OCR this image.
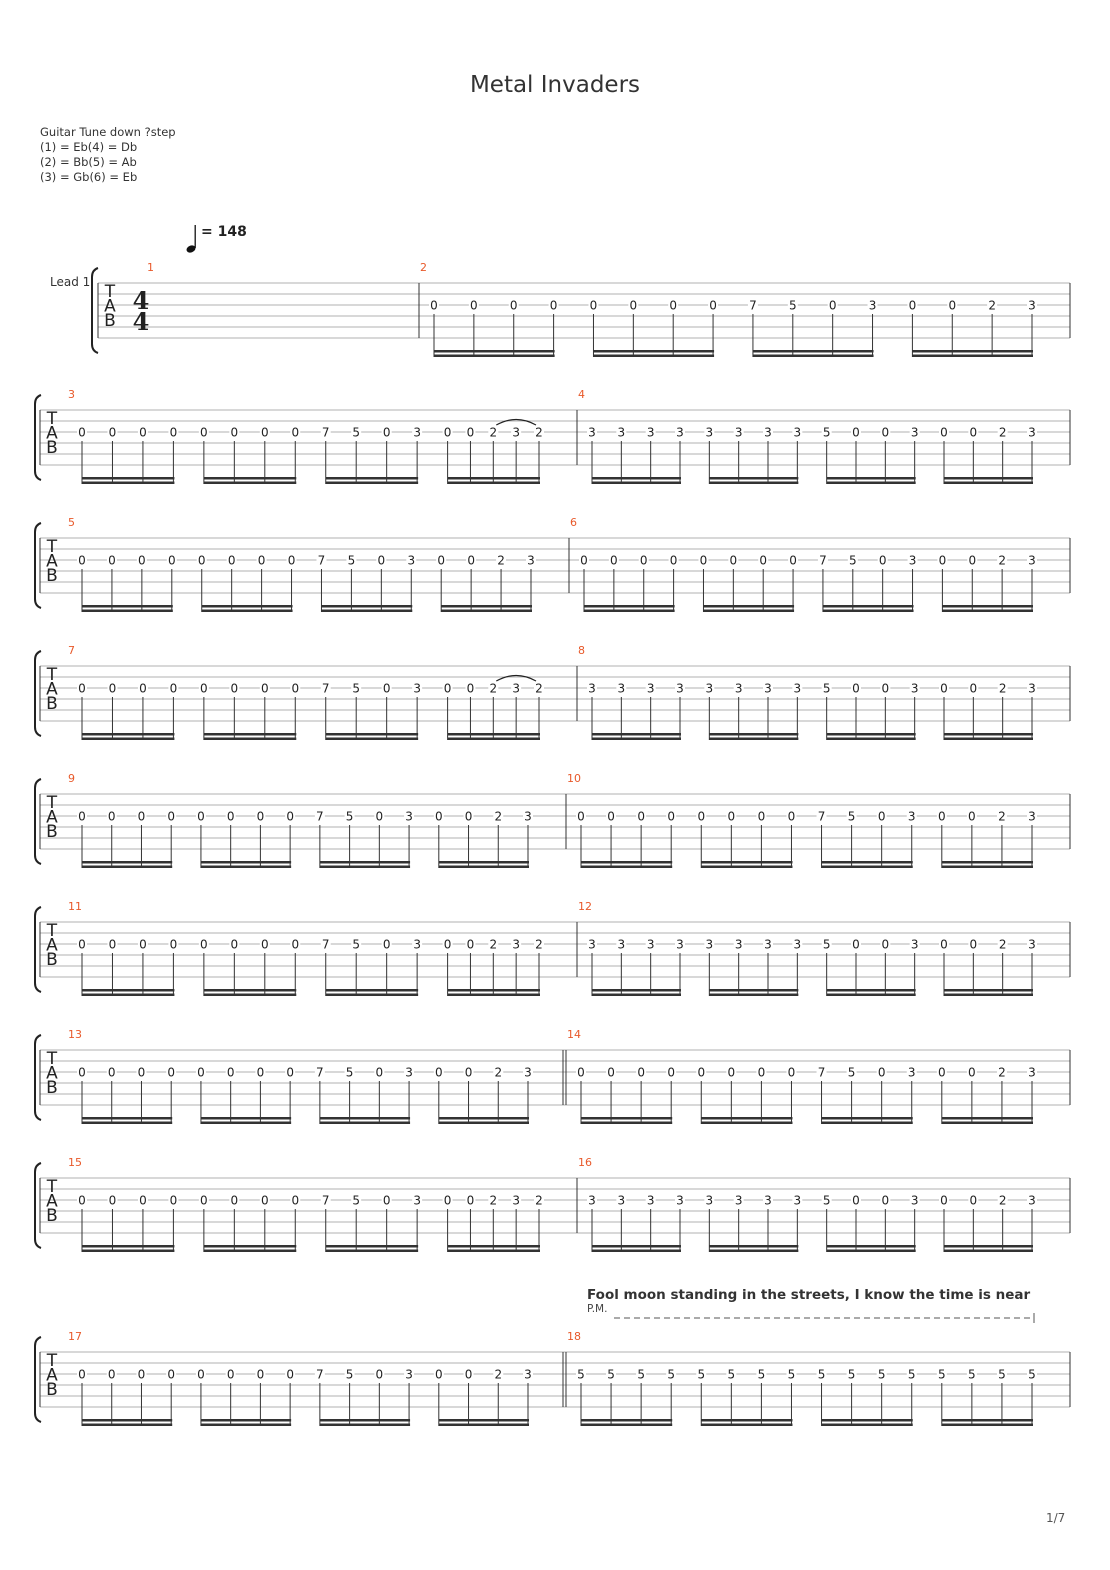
Metal Invaders
Guitar Tune down ?step
(1) = Eb(4) = Db
(2) = Bb(5) = Ab
(3) = Gb(6) = Eb
= 148
T
A
B
Lead 1
4
4
1	2
0	0	0	0	0	0	0	0	7	5	0	3	0	0	2	3
T
A
B
3
0 0 0 0 0 0 0 0 7 5 0 3 0 0 2 3 2
4
3 3 3 3 3 3 3 3 5 0 0 3 0 0 2 3
T
A
B
5
0 0 0 0 0 0 0 0 7 5 0 3 0 0 2 3
6
0 0 0 0 0 0 0 0 7 5 0 3 0 0 2 3
T
A
B
7
0 0 0 0 0 0 0 0 7 5 0 3 0 0 2 3 2
8
3 3 3 3 3 3 3 3 5 0 0 3 0 0 2 3
T
A
B
9
0 0 0 0 0 0 0 0 7 5 0 3 0 0 2 3
10
0 0 0 0 0 0 0 0 7 5 0 3 0 0 2 3
T
A
B
11
0 0 0 0 0 0 0 0 7 5 0 3 0 0 2 3 2
12
3 3 3 3 3 3 3 3 5 0 0 3 0 0 2 3
T
A
B
13
0 0 0 0 0 0 0 0 7 5 0 3 0 0 2 3
14
0 0 0 0 0 0 0 0 7 5 0 3 0 0 2 3
T
A
B
15
0 0 0 0 0 0 0 0 7 5 0 3 0 0 2 3 2
16
3 3 3 3 3 3 3 3 5 0 0 3 0 0 2 3
T
A
B
17
0 0 0 0 0 0 0 0 7 5 0 3 0 0 2 3
18
5 5 5 5 5 5 5 5 5 5 5 5 5 5 5 5
Fool moon standing in the streets, I know the time is near
P.M.
1/7
